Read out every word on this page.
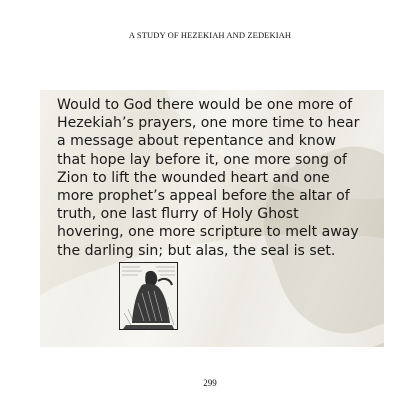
A STUDY OF HEZEKIAH AND ZEDEKIAH

Would to God there would be one more of
Hezekiah’s prayers, one more time to hear
a message about repentance and know
that hope lay before it, one more song of
Zion to lift the wounded heart and one
more prophet’s appeal before the altar of
truth, one last flurry of Holy Ghost
hovering, one more scripture to melt away
the darling sin; but alas, the seal is set.

299
